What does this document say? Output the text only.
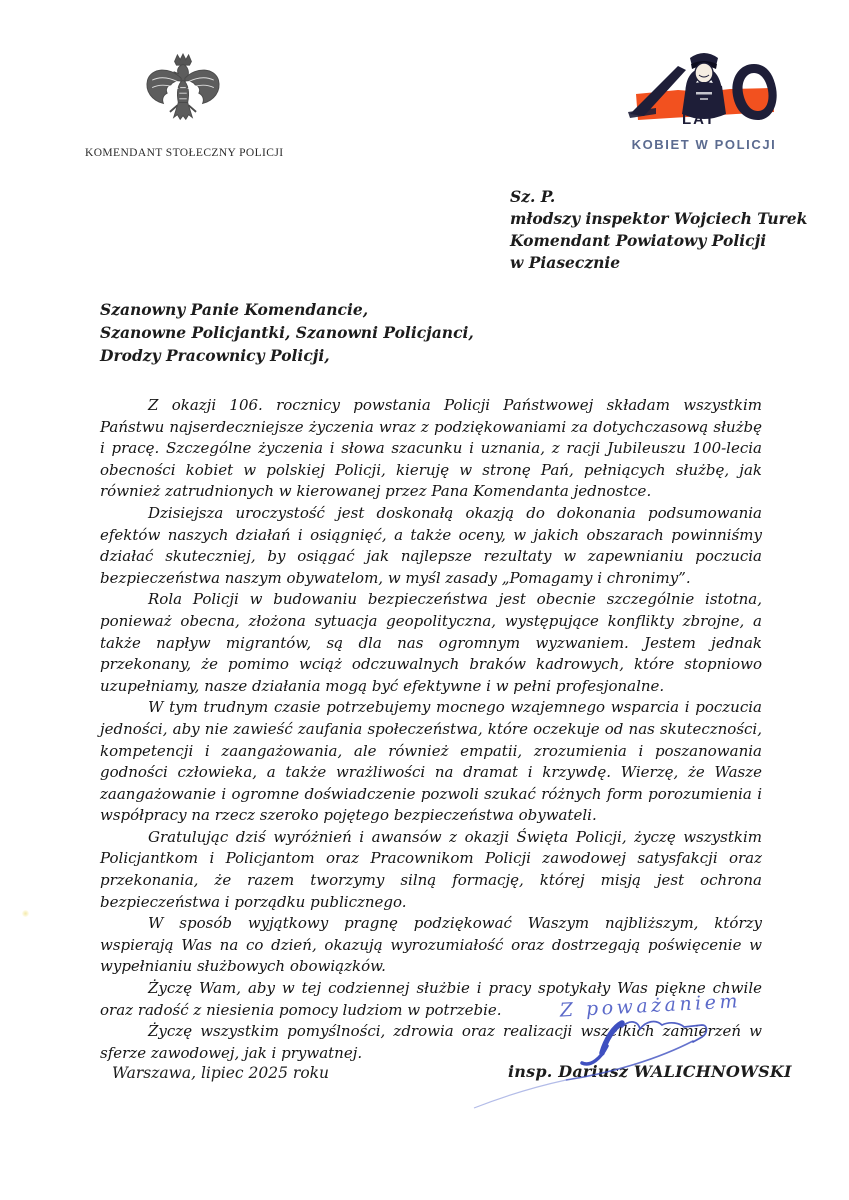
KOMENDANT STOŁECZNY POLICJI
LAT
KOBIET W POLICJI
Sz. P.
młodszy inspektor Wojciech Turek
Komendant Powiatowy Policji
w Piasecznie
Szanowny Panie Komendancie,
Szanowne Policjantki, Szanowni Policjanci,
Drodzy Pracownicy Policji,

Z okazji 106. rocznicy powstania Policji Państwowej składam wszystkim Państwu najserdeczniejsze życzenia wraz z podziękowaniami za dotychczasową służbę i pracę. Szczególne życzenia i słowa szacunku i uznania, z racji Jubileuszu 100-lecia obecności kobiet w polskiej Policji, kieruję w stronę Pań, pełniących służbę, jak również zatrudnionych w kierowanej przez Pana Komendanta jednostce.

Dzisiejsza uroczystość jest doskonałą okazją do dokonania podsumowania efektów naszych działań i osiągnięć, a także oceny, w jakich obszarach powinniśmy działać skuteczniej, by osiągać jak najlepsze rezultaty w zapewnianiu poczucia bezpieczeństwa naszym obywatelom, w myśl zasady „Pomagamy i chronimy”.

Rola Policji w budowaniu bezpieczeństwa jest obecnie szczególnie istotna, ponieważ obecna, złożona sytuacja geopolityczna, występujące konflikty zbrojne, a także napływ migrantów, są dla nas ogromnym wyzwaniem. Jestem jednak przekonany, że pomimo wciąż odczuwalnych braków kadrowych, które stopniowo uzupełniamy, nasze działania mogą być efektywne i w pełni profesjonalne.

W tym trudnym czasie potrzebujemy mocnego wzajemnego wsparcia i poczucia jedności, aby nie zawieść zaufania społeczeństwa, które oczekuje od nas skuteczności, kompetencji i zaangażowania, ale również empatii, zrozumienia i poszanowania godności człowieka, a także wrażliwości na dramat i krzywdę. Wierzę, że Wasze zaangażowanie i ogromne doświadczenie pozwoli szukać różnych form porozumienia i współpracy na rzecz szeroko pojętego bezpieczeństwa obywateli.

Gratulując dziś wyróżnień i awansów z okazji Święta Policji, życzę wszystkim Policjantkom i Policjantom oraz Pracownikom Policji zawodowej satysfakcji oraz przekonania, że razem tworzymy silną formację, której misją jest ochrona bezpieczeństwa i porządku publicznego.

W sposób wyjątkowy pragnę podziękować Waszym najbliższym, którzy wspierają Was na co dzień, okazują wyrozumiałość oraz dostrzegają poświęcenie w wypełnianiu służbowych obowiązków.

Życzę Wam, aby w tej codziennej służbie i pracy spotykały Was piękne chwile oraz radość z niesienia pomocy ludziom w potrzebie.

Życzę wszystkim pomyślności, zdrowia oraz realizacji wszelkich zamierzeń w sferze zawodowej, jak i prywatnej.

Warszawa, lipiec 2025 roku	insp. Dariusz WALICHNOWSKI
Z poważaniem
